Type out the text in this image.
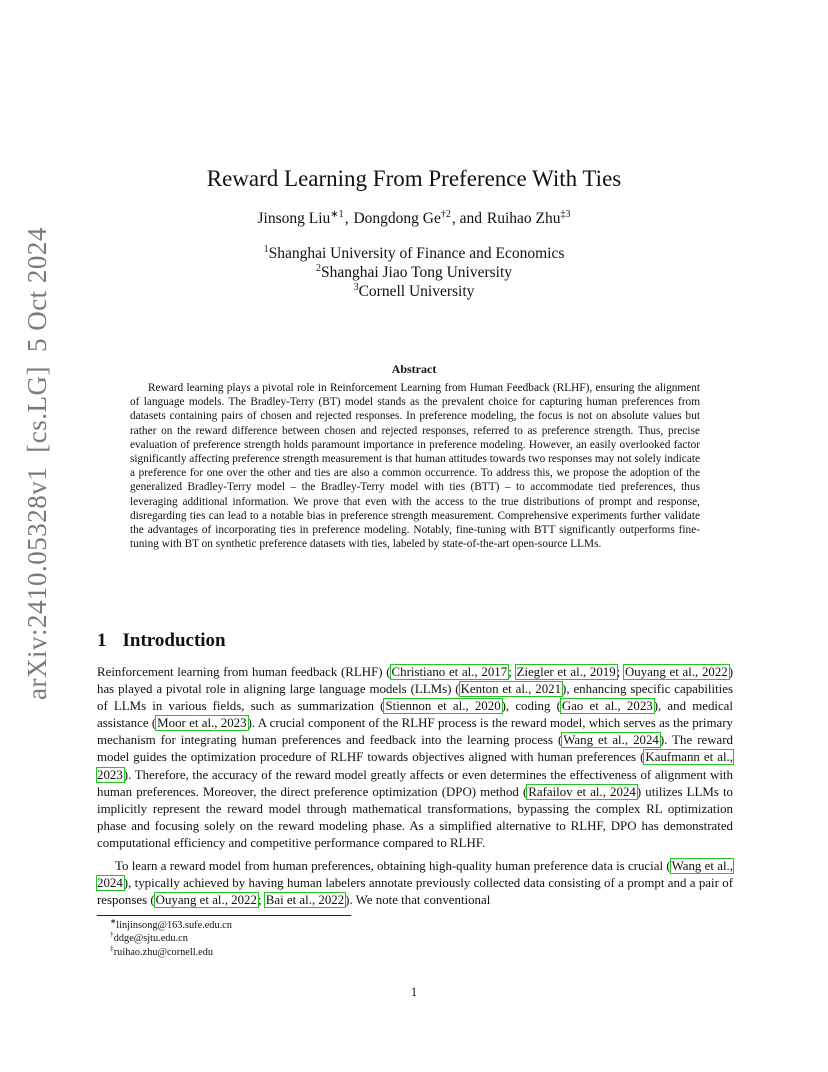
arXiv:2410.05328v1[cs.LG]5 Oct 2024
Reward Learning From Preference With Ties
Jinsong Liu$^{∗1}$, Dongdong Ge$^{\dagger 2}$, and Ruihao Zhu$^{\ddagger 3}$
$^1$Shanghai University of Finance and Economics
$^2$Shanghai Jiao Tong University
$^3$Cornell University
Abstract

Reward learning plays a pivotal role in Reinforcement Learning from Human Feedback (RLHF), ensuring the alignment of language models. The Bradley-Terry (BT) model stands as the prevalent choice for capturing human preferences from datasets containing pairs of chosen and rejected responses. In preference modeling, the focus is not on absolute values but rather on the reward difference between chosen and rejected responses, referred to as preference strength. Thus, precise evaluation of preference strength holds paramount importance in preference modeling. However, an easily overlooked factor significantly affecting preference strength measurement is that human attitudes towards two responses may not solely indicate a preference for one over the other and ties are also a common occurrence. To address this, we propose the adoption of the generalized Bradley-Terry model – the Bradley-Terry model with ties (BTT) – to accommodate tied preferences, thus leveraging additional information. We prove that even with the access to the true distributions of prompt and response, disregarding ties can lead to a notable bias in preference strength measurement. Comprehensive experiments further validate the advantages of incorporating ties in preference modeling. Notably, fine-tuning with BTT significantly outperforms fine-tuning with BT on synthetic preference datasets with ties, labeled by state-of-the-art open-source LLMs.

1 Introduction

Reinforcement learning from human feedback (RLHF) (Christiano et al., 2017; Ziegler et al., 2019; Ouyang et al., 2022) has played a pivotal role in aligning large language models (LLMs) (Kenton et al., 2021), enhancing specific capabilities of LLMs in various fields, such as summarization (Stiennon et al., 2020), coding (Gao et al., 2023), and medical assistance (Moor et al., 2023). A crucial component of the RLHF process is the reward model, which serves as the primary mechanism for integrating human preferences and feedback into the learning process (Wang et al., 2024). The reward model guides the optimization procedure of RLHF towards objectives aligned with human preferences (Kaufmann et al., 2023). Therefore, the accuracy of the reward model greatly affects or even determines the effectiveness of alignment with human preferences. Moreover, the direct preference optimization (DPO) method (Rafailov et al., 2024) utilizes LLMs to implicitly represent the reward model through mathematical transformations, bypassing the complex RL optimization phase and focusing solely on the reward modeling phase. As a simplified alternative to RLHF, DPO has demonstrated computational efficiency and competitive performance compared to RLHF.

To learn a reward model from human preferences, obtaining high-quality human preference data is crucial (Wang et al., 2024), typically achieved by having human labelers annotate previously collected data consisting of a prompt and a pair of responses (Ouyang et al., 2022; Bai et al., 2022). We note that conventional

∗linjinsong@163.sufe.edu.cn
†ddge@sjtu.edu.cn
‡ruihao.zhu@cornell.edu
1
